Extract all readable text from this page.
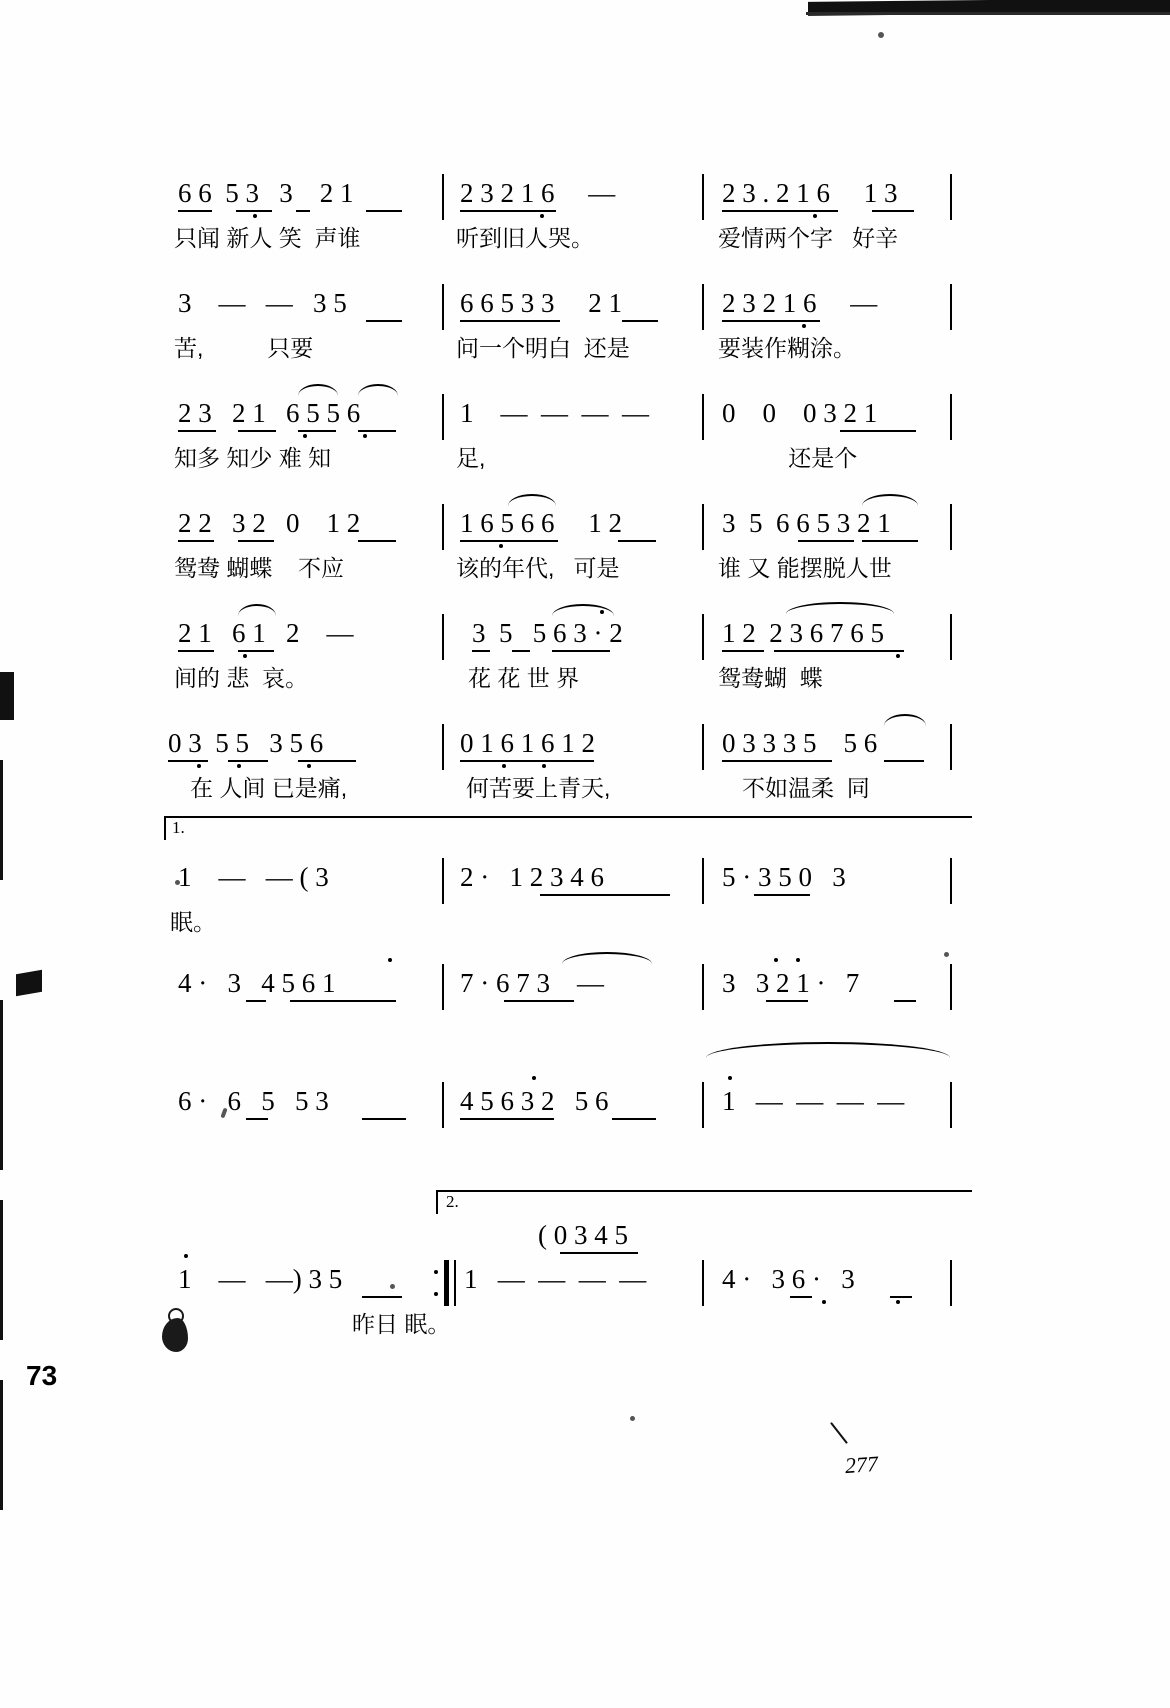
6 6  5 3   3    2 1
只闻 新人 笑  声谁
2 3 2 1 6     —
听到旧人哭。
2 3 . 2 1 6     1 3
爱情两个字   好辛
3    —   —   3 5
苦,          只要
6 6 5 3 3     2 1
问一个明白  还是
2 3 2 1 6     —
要装作糊涂。
2 3   2 1   6 5 5 6
知多 知少 难 知
1    —  —  —  —
足,
0    0    0 3 2 1
还是个
2 2   3 2   0    1 2
鸳鸯 蝴蝶    不应
1 6 5 6 6     1 2
该的年代,   可是
3  5  6 6 5 3 2 1
谁 又 能摆脱人世
2 1   6 1   2    —
间的 悲  哀。
3  5   5 6 3 · 2
花 花 世 界
1 2  2 3 6 7 6 5
鸳鸯蝴  蝶
0 3  5 5   3 5 6
在 人间 已是痛,
0 1 6 1 6 1 2
何苦要上青天,
0 3 3 3 5    5 6
不如温柔  同
1.
1    —   — ( 3
眠。
2 ·   1 2 3 4 6	5 · 3 5 0   3
4 ·   3   4 5 6 1	7 · 6 7 3    —	3   3 2 1 ·   7
6 ·   6   5   5 3	4 5 6 3 2   5 6	1   —  —  —  —
2.
( 0 3 4 5
1    —   —) 3 5
昨日 眠。
1   —  —  —  —	4 ·   3 6 ·   3
73
277
